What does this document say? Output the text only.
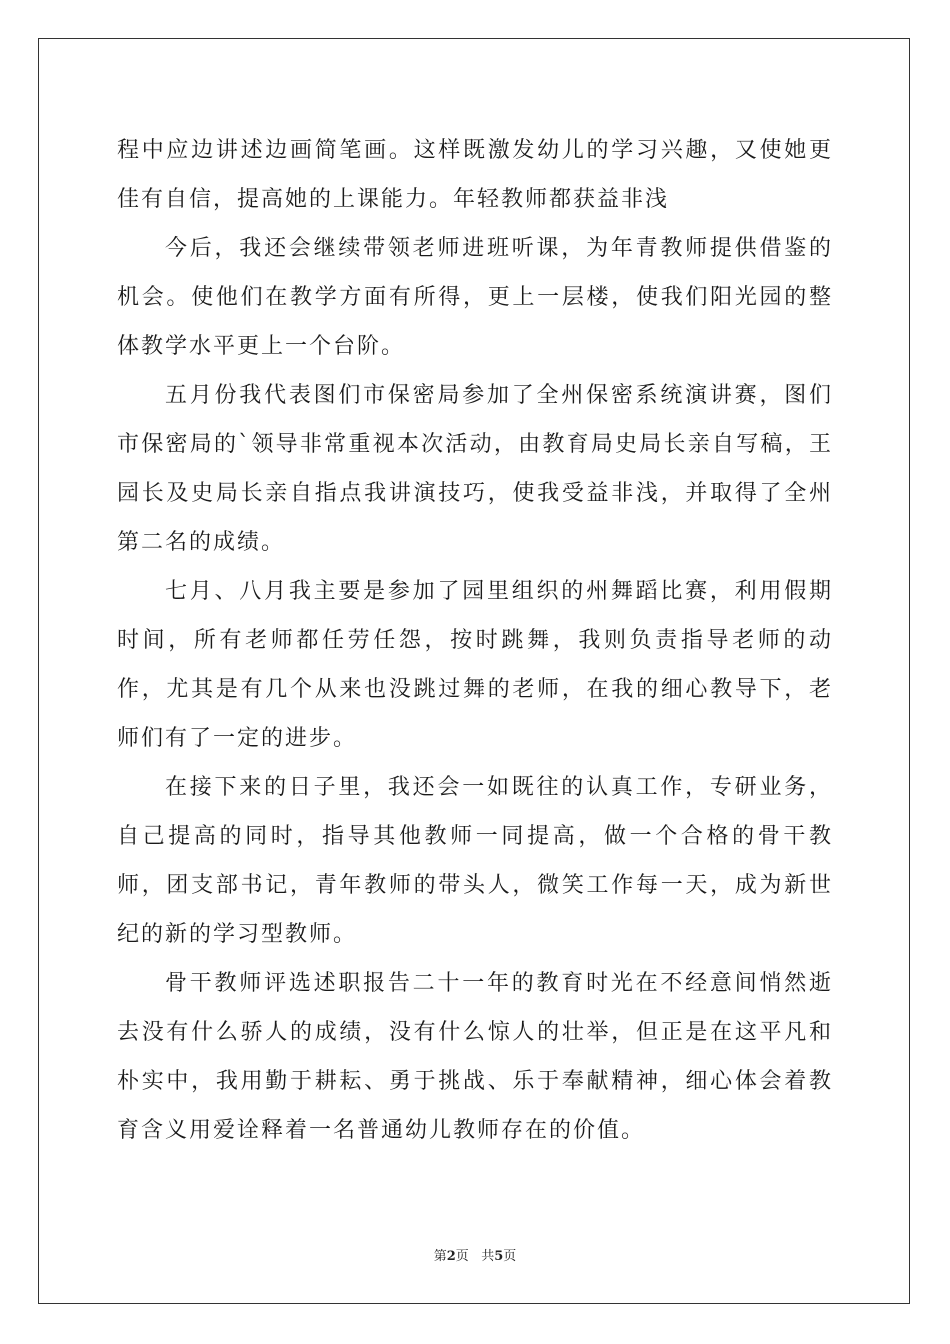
程中应边讲述边画简笔画。这样既激发幼儿的学习兴趣，又使她更佳有自信，提高她的上课能力。年轻教师都获益非浅

今后，我还会继续带领老师进班听课，为年青教师提供借鉴的机会。使他们在教学方面有所得，更上一层楼，使我们阳光园的整体教学水平更上一个台阶。

五月份我代表图们市保密局参加了全州保密系统演讲赛，图们市保密局的`领导非常重视本次活动，由教育局史局长亲自写稿，王园长及史局长亲自指点我讲演技巧，使我受益非浅，并取得了全州第二名的成绩。

七月、八月我主要是参加了园里组织的州舞蹈比赛，利用假期时间，所有老师都任劳任怨，按时跳舞，我则负责指导老师的动作，尤其是有几个从来也没跳过舞的老师，在我的细心教导下，老师们有了一定的进步。

在接下来的日子里，我还会一如既往的认真工作，专研业务，自己提高的同时，指导其他教师一同提高，做一个合格的骨干教师，团支部书记，青年教师的带头人，微笑工作每一天，成为新世纪的新的学习型教师。

骨干教师评选述职报告二十一年的教育时光在不经意间悄然逝去没有什么骄人的成绩，没有什么惊人的壮举，但正是在这平凡和朴实中，我用勤于耕耘、勇于挑战、乐于奉献精神，细心体会着教育含义用爱诠释着一名普通幼儿教师存在的价值。

第2页 共5页
